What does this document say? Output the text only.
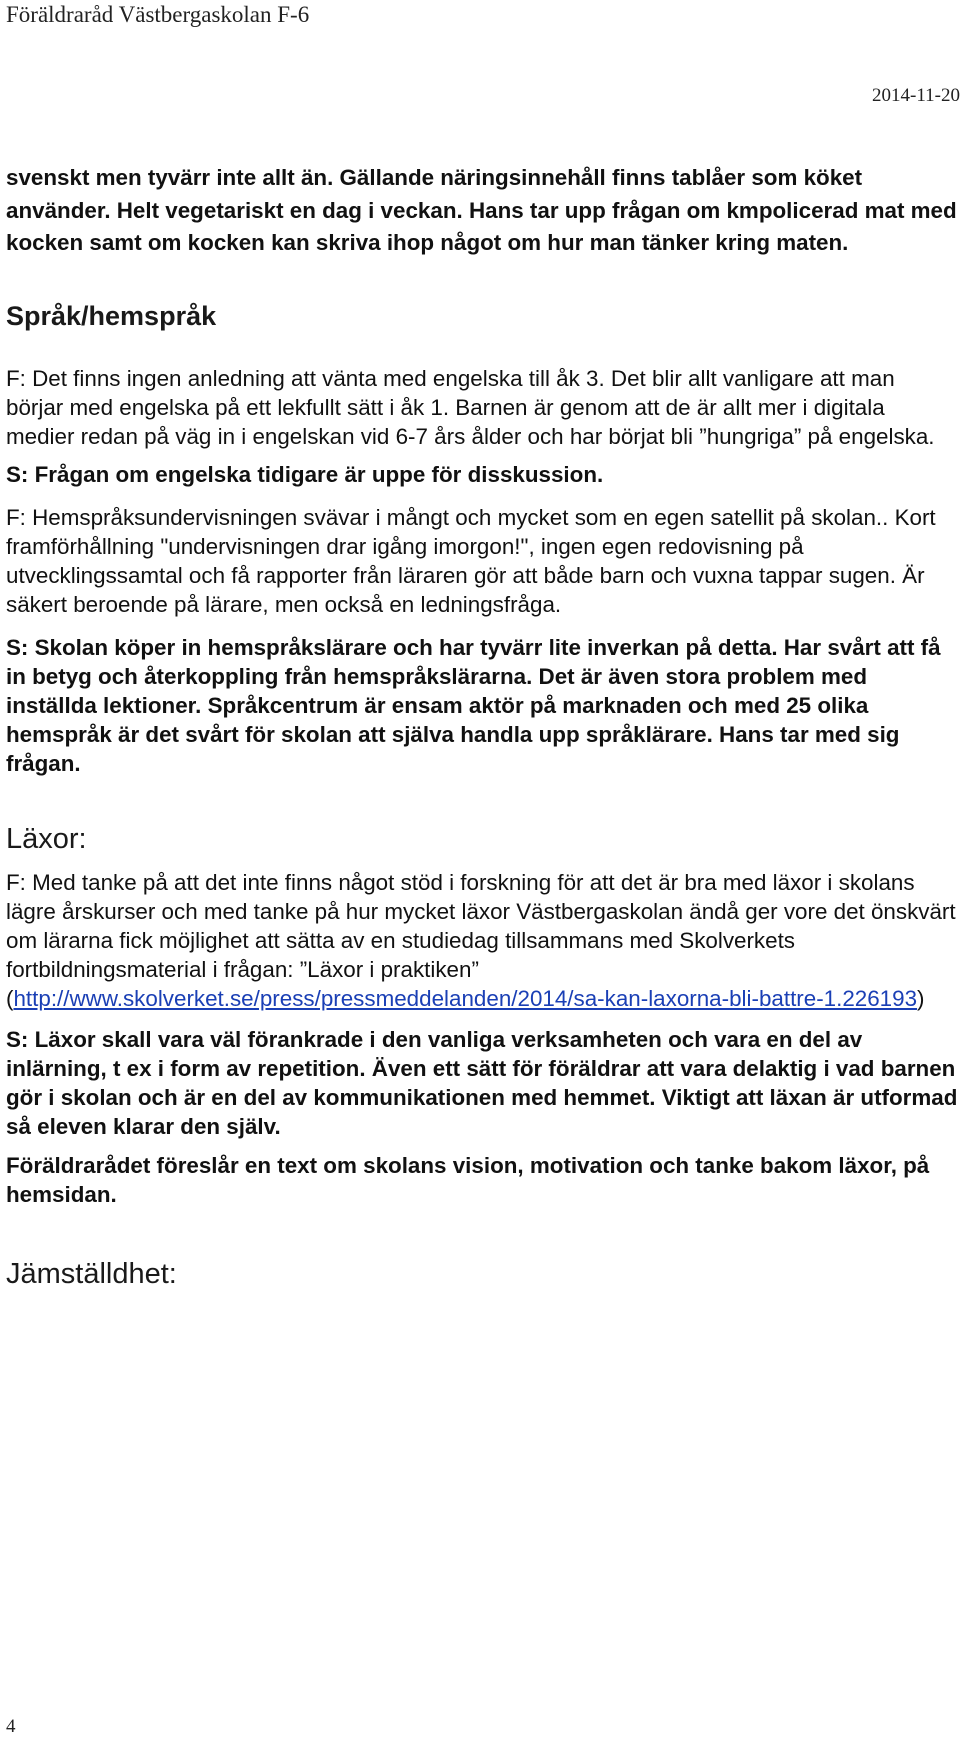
Föräldraråd Västbergaskolan F-6
2014-11-20

svenskt men tyvärr inte allt än. Gällande näringsinnehåll finns tablåer som köket använder. Helt vegetariskt en dag i veckan. Hans tar upp frågan om kmpolicerad mat med kocken samt om kocken kan skriva ihop något om hur man tänker kring maten.

Språk/hemspråk

F: Det finns ingen anledning att vänta med engelska till åk 3. Det blir allt vanligare att man börjar med engelska på ett lekfullt sätt i åk 1. Barnen är genom att de är allt mer i digitala medier redan på väg in i engelskan vid 6-7 års ålder och har börjat bli ”hungriga” på engelska.

S: Frågan om engelska tidigare är uppe för disskussion.

F: Hemspråksundervisningen svävar i mångt och mycket som en egen satellit på skolan.. Kort framförhållning "undervisningen drar igång imorgon!", ingen egen redovisning på utvecklingssamtal och få rapporter från läraren gör att både barn och vuxna tappar sugen. Är säkert beroende på lärare, men också en ledningsfråga.

S: Skolan köper in hemspråkslärare och har tyvärr lite inverkan på detta. Har svårt att få in betyg och återkoppling från hemspråkslärarna. Det är även stora problem med inställda lektioner. Språkcentrum är ensam aktör på marknaden och med 25 olika hemspråk är det svårt för skolan att själva handla upp språklärare. Hans tar med sig frågan.

Läxor:

F: Med tanke på att det inte finns något stöd i forskning för att det är bra med läxor i skolans lägre årskurser och med tanke på hur mycket läxor Västbergaskolan ändå ger vore det önskvärt om lärarna fick möjlighet att sätta av en studiedag tillsammans med Skolverkets fortbildningsmaterial i frågan: ”Läxor i praktiken” (http://www.skolverket.se/press/pressmeddelanden/2014/sa-kan-laxorna-bli-battre-1.226193)

S: Läxor skall vara väl förankrade i den vanliga verksamheten och vara en del av inlärning, t ex i form av repetition. Även ett sätt för föräldrar att vara delaktig i vad barnen gör i skolan och är en del av kommunikationen med hemmet. Viktigt att läxan är utformad så eleven klarar den själv.

Föräldrarådet föreslår en text om skolans vision, motivation och tanke bakom läxor, på hemsidan.

Jämställdhet:
4
